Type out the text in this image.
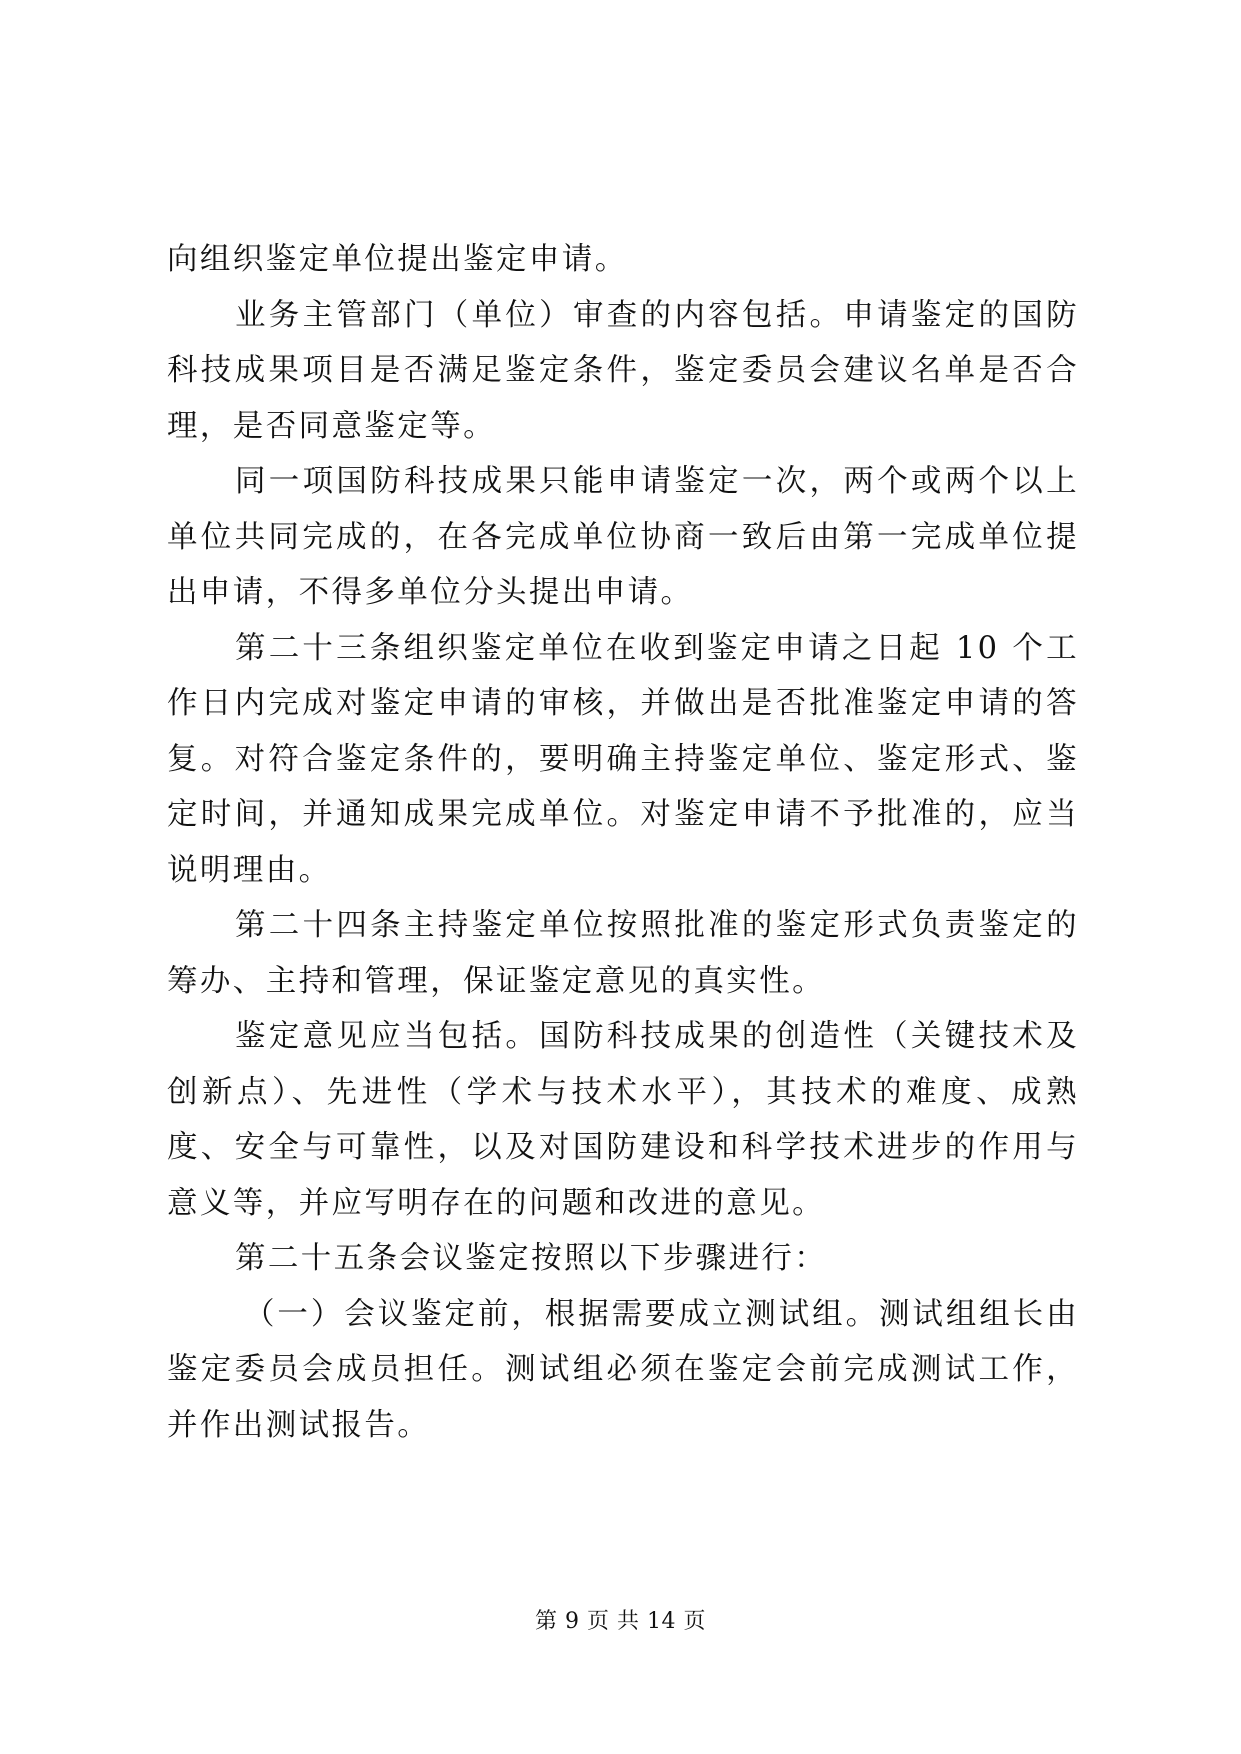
向组织鉴定单位提出鉴定申请。

业务主管部门（单位）审查的内容包括。申请鉴定的国防科技成果项目是否满足鉴定条件，鉴定委员会建议名单是否合理，是否同意鉴定等。

同一项国防科技成果只能申请鉴定一次，两个或两个以上单位共同完成的，在各完成单位协商一致后由第一完成单位提出申请，不得多单位分头提出申请。

第二十三条组织鉴定单位在收到鉴定申请之日起 10 个工作日内完成对鉴定申请的审核，并做出是否批准鉴定申请的答复。对符合鉴定条件的，要明确主持鉴定单位、鉴定形式、鉴定时间，并通知成果完成单位。对鉴定申请不予批准的，应当说明理由。

第二十四条主持鉴定单位按照批准的鉴定形式负责鉴定的筹办、主持和管理，保证鉴定意见的真实性。

鉴定意见应当包括。国防科技成果的创造性（关键技术及创新点）、先进性（学术与技术水平），其技术的难度、成熟度、安全与可靠性，以及对国防建设和科学技术进步的作用与意义等，并应写明存在的问题和改进的意见。

第二十五条会议鉴定按照以下步骤进行：

（一）会议鉴定前，根据需要成立测试组。测试组组长由鉴定委员会成员担任。测试组必须在鉴定会前完成测试工作，并作出测试报告。

第 9 页 共 14 页
